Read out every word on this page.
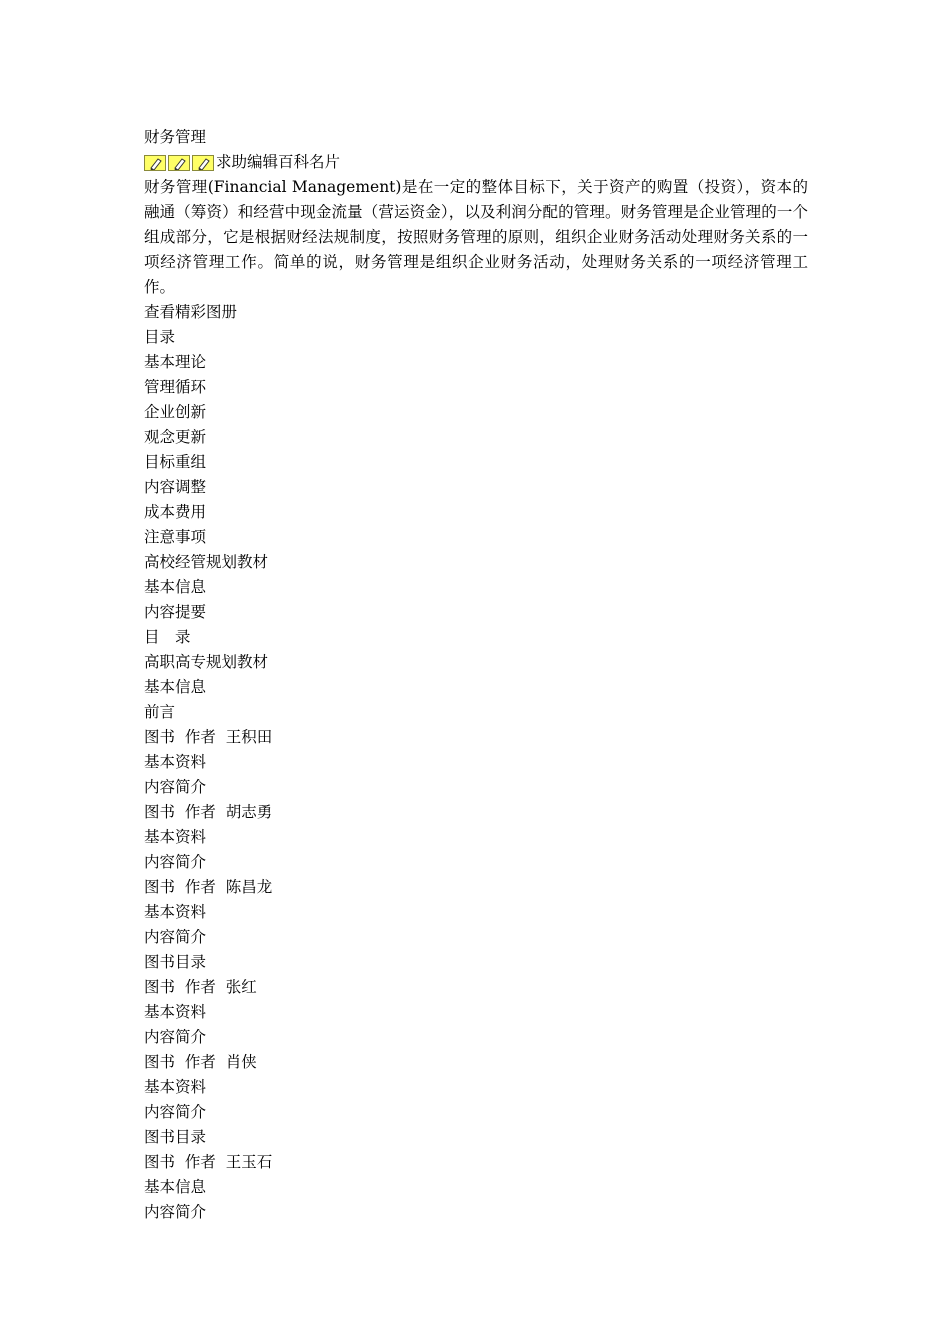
财务管理
求助编辑百科名片
财务管理(Financial Management)是在一定的整体目标下，关于资产的购置（投资），资本的融通（筹资）和经营中现金流量（营运资金），以及利润分配的管理。财务管理是企业管理的一个组成部分，它是根据财经法规制度，按照财务管理的原则，组织企业财务活动处理财务关系的一项经济管理工作。简单的说，财务管理是组织企业财务活动，处理财务关系的一项经济管理工作。
查看精彩图册
目录
基本理论
管理循环
企业创新
观念更新
目标重组
内容调整
成本费用
注意事项
高校经管规划教材
基本信息
内容提要
目　录
高职高专规划教材
基本信息
前言
图书  作者  王积田
基本资料
内容简介
图书  作者  胡志勇
基本资料
内容简介
图书  作者  陈昌龙
基本资料
内容简介
图书目录
图书  作者  张红
基本资料
内容简介
图书  作者  肖侠
基本资料
内容简介
图书目录
图书  作者  王玉石
基本信息
内容简介
